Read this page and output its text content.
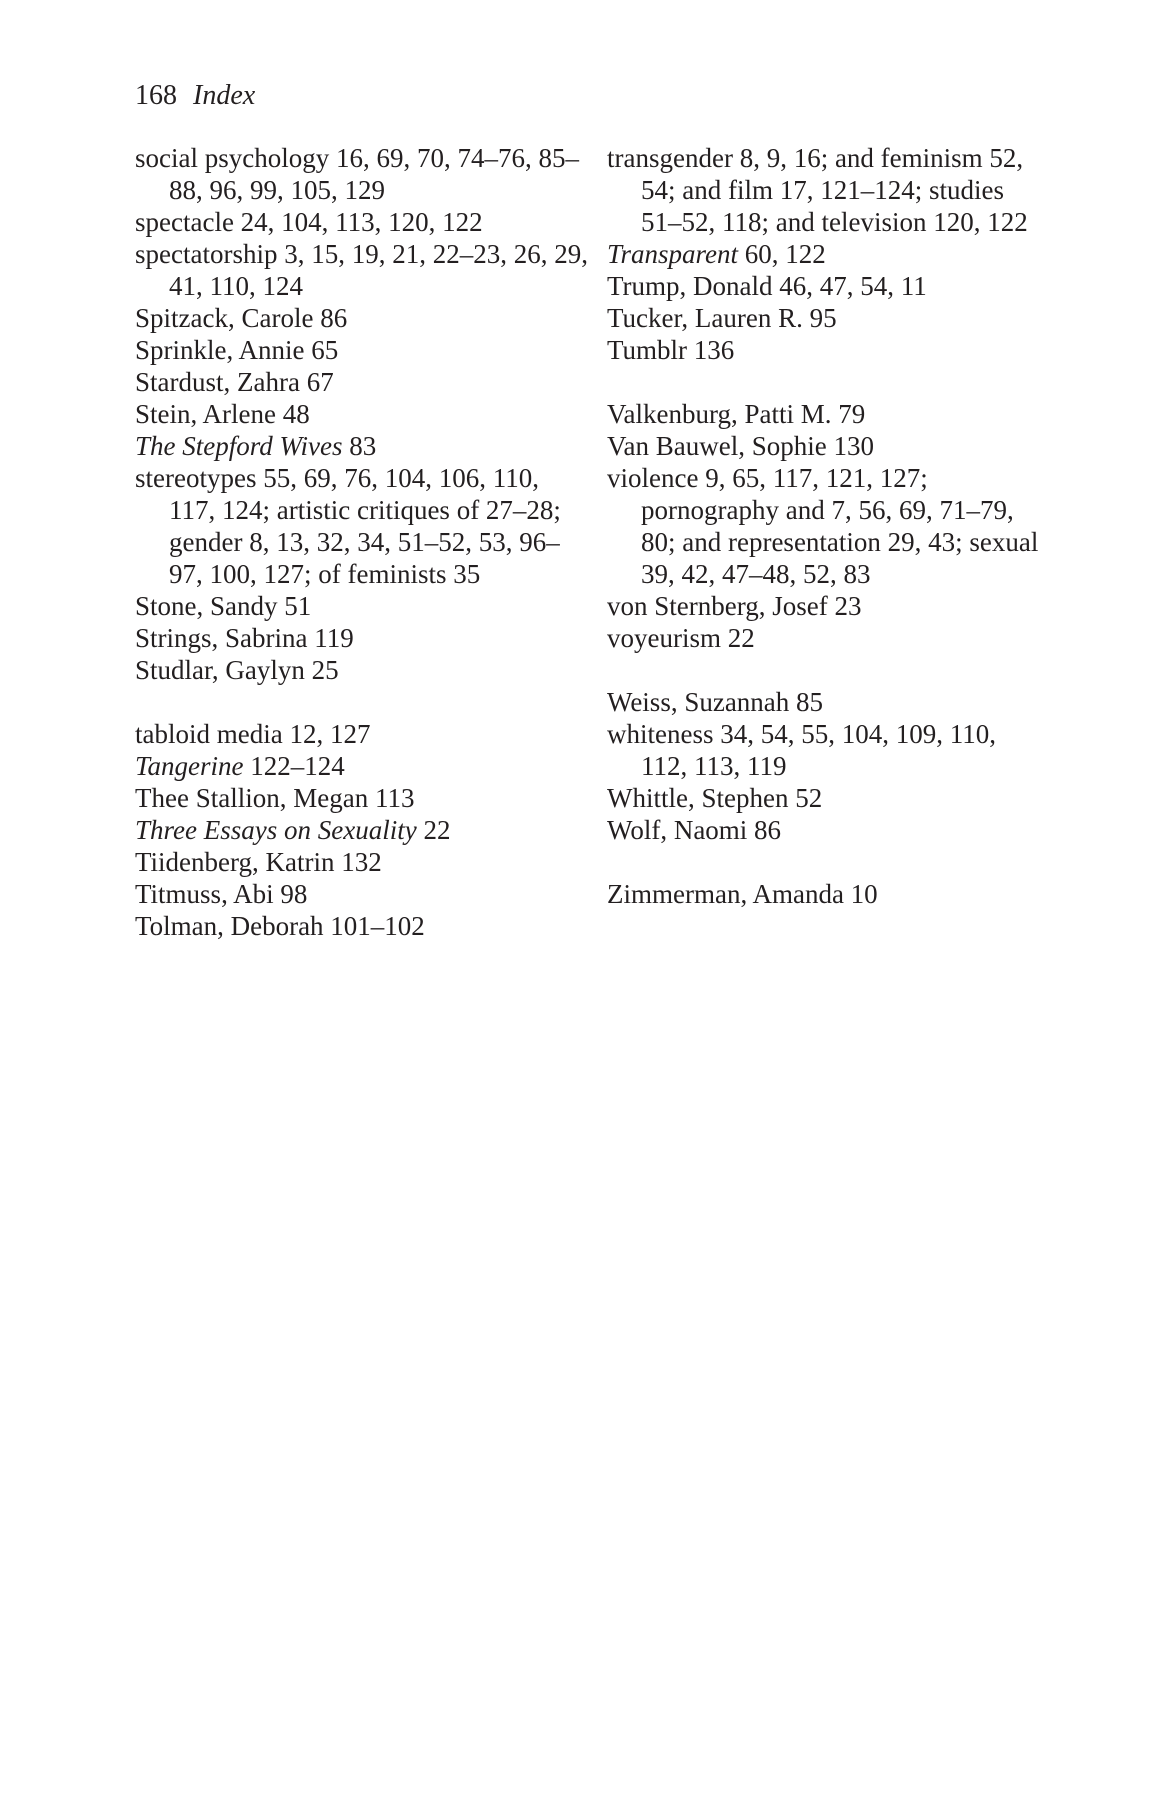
168 Index

social psychology 16, 69, 70, 74–76, 85–88, 96, 99, 105, 129

spectacle 24, 104, 113, 120, 122

spectatorship 3, 15, 19, 21, 22–23, 26, 29, 41, 110, 124

Spitzack, Carole 86

Sprinkle, Annie 65

Stardust, Zahra 67

Stein, Arlene 48

The Stepford Wives 83

stereotypes 55, 69, 76, 104, 106, 110, 117, 124; artistic critiques of 27–28; gender 8, 13, 32, 34, 51–52, 53, 96–97, 100, 127; of feminists 35

Stone, Sandy 51

Strings, Sabrina 119

Studlar, Gaylyn 25

tabloid media 12, 127

Tangerine 122–124

Thee Stallion, Megan 113

Three Essays on Sexuality 22

Tiidenberg, Katrin 132

Titmuss, Abi 98

Tolman, Deborah 101–102

transgender 8, 9, 16; and feminism 52, 54; and film 17, 121–124; studies 51–52, 118; and television 120, 122

Transparent 60, 122

Trump, Donald 46, 47, 54, 11

Tucker, Lauren R. 95

Tumblr 136

Valkenburg, Patti M. 79

Van Bauwel, Sophie 130

violence 9, 65, 117, 121, 127; pornography and 7, 56, 69, 71–79, 80; and representation 29, 43; sexual 39, 42, 47–48, 52, 83

von Sternberg, Josef 23

voyeurism 22

Weiss, Suzannah 85

whiteness 34, 54, 55, 104, 109, 110, 112, 113, 119

Whittle, Stephen 52

Wolf, Naomi 86

Zimmerman, Amanda 10
